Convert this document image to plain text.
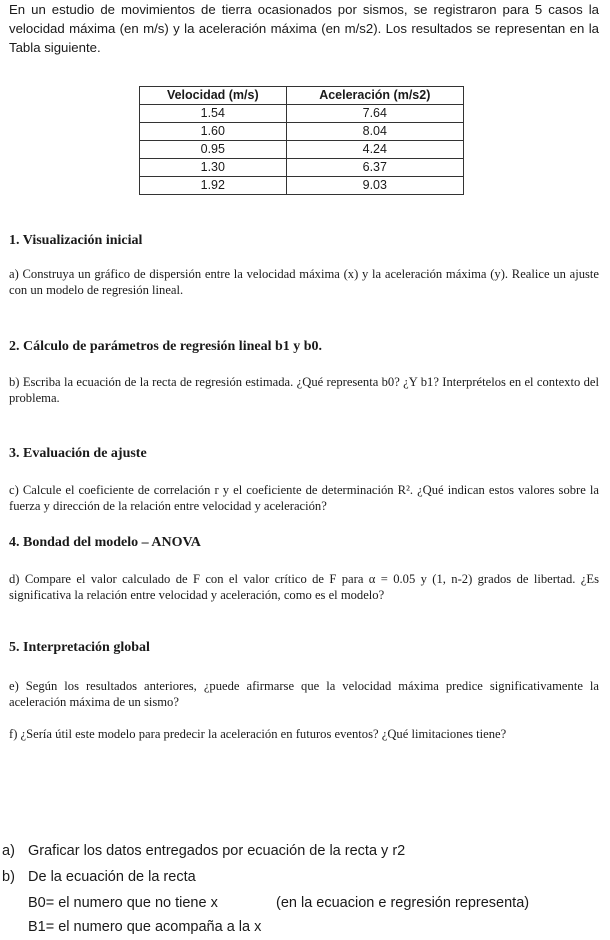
En un estudio de movimientos de tierra ocasionados por sismos, se registraron para 5 casos la velocidad máxima (en m/s) y la aceleración máxima (en m/s2). Los resultados se representan en la Tabla siguiente.
Velocidad (m/s)	Aceleración (m/s2)
1.54	7.64
1.60	8.04
0.95	4.24
1.30	6.37
1.92	9.03
1. Visualización inicial
a) Construya un gráfico de dispersión entre la velocidad máxima (x) y la aceleración máxima (y). Realice un ajuste con un modelo de regresión lineal.
2. Cálculo de parámetros de regresión lineal b1 y b0.
b) Escriba la ecuación de la recta de regresión estimada. ¿Qué representa b0? ¿Y b1? Interprételos en el contexto del problema.
3. Evaluación de ajuste
c) Calcule el coeficiente de correlación r y el coeficiente de determinación R². ¿Qué indican estos valores sobre la fuerza y dirección de la relación entre velocidad y aceleración?
4. Bondad del modelo – ANOVA
d) Compare el valor calculado de F con el valor crítico de F para α = 0.05 y (1, n-2) grados de libertad. ¿Es significativa la relación entre velocidad y aceleración, como es el modelo?
5. Interpretación global
e) Según los resultados anteriores, ¿puede afirmarse que la velocidad máxima predice significativamente la aceleración máxima de un sismo?
f) ¿Sería útil este modelo para predecir la aceleración en futuros eventos? ¿Qué limitaciones tiene?
a) Graficar los datos entregados por ecuación de la recta y r2
b) De la ecuación de la recta
B0= el numero que no tiene x	(en la ecuacion e regresión representa)
B1= el numero que acompaña a la x
